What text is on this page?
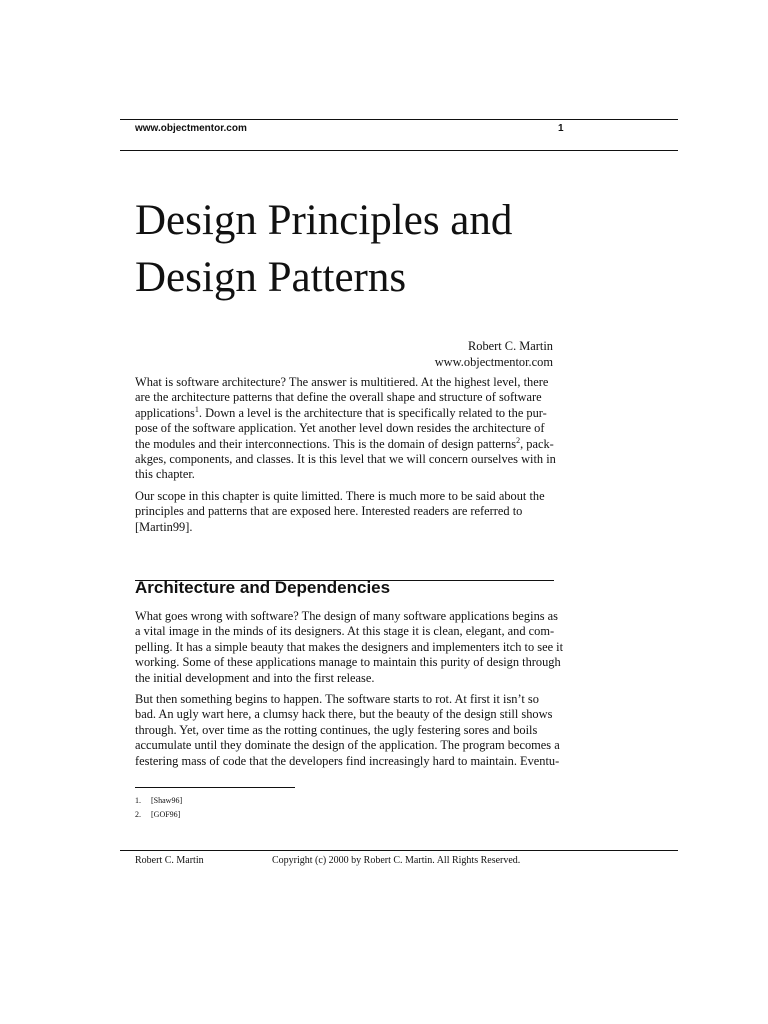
www.objectmentor.com	1
Design Principles and
Design Patterns
Robert C. Martin
www.objectmentor.com

What is software architecture? The answer is multitiered. At the highest level, there
are the architecture patterns that define the overall shape and structure of software
applications$^1$. Down a level is the architecture that is specifically related to the pur-
pose of the software application. Yet another level down resides the architecture of
the modules and their interconnections. This is the domain of design patterns$^2$, pack-
akges, components, and classes. It is this level that we will concern ourselves with in
this chapter.

Our scope in this chapter is quite limitted. There is much more to be said about the
principles and patterns that are exposed here. Interested readers are referred to
[Martin99].

Architecture and Dependencies

What goes wrong with software? The design of many software applications begins as
a vital image in the minds of its designers. At this stage it is clean, elegant, and com-
pelling. It has a simple beauty that makes the designers and implementers itch to see it
working. Some of these applications manage to maintain this purity of design through
the initial development and into the first release.

But then something begins to happen. The software starts to rot. At first it isn’t so
bad. An ugly wart here, a clumsy hack there, but the beauty of the design still shows
through. Yet, over time as the rotting continues, the ugly festering sores and boils
accumulate until they dominate the design of the application. The program becomes a
festering mass of code that the developers find increasingly hard to maintain. Eventu-

1. [Shaw96]
2. [GOF96]
Robert C. Martin	Copyright (c) 2000 by Robert C. Martin. All Rights Reserved.
